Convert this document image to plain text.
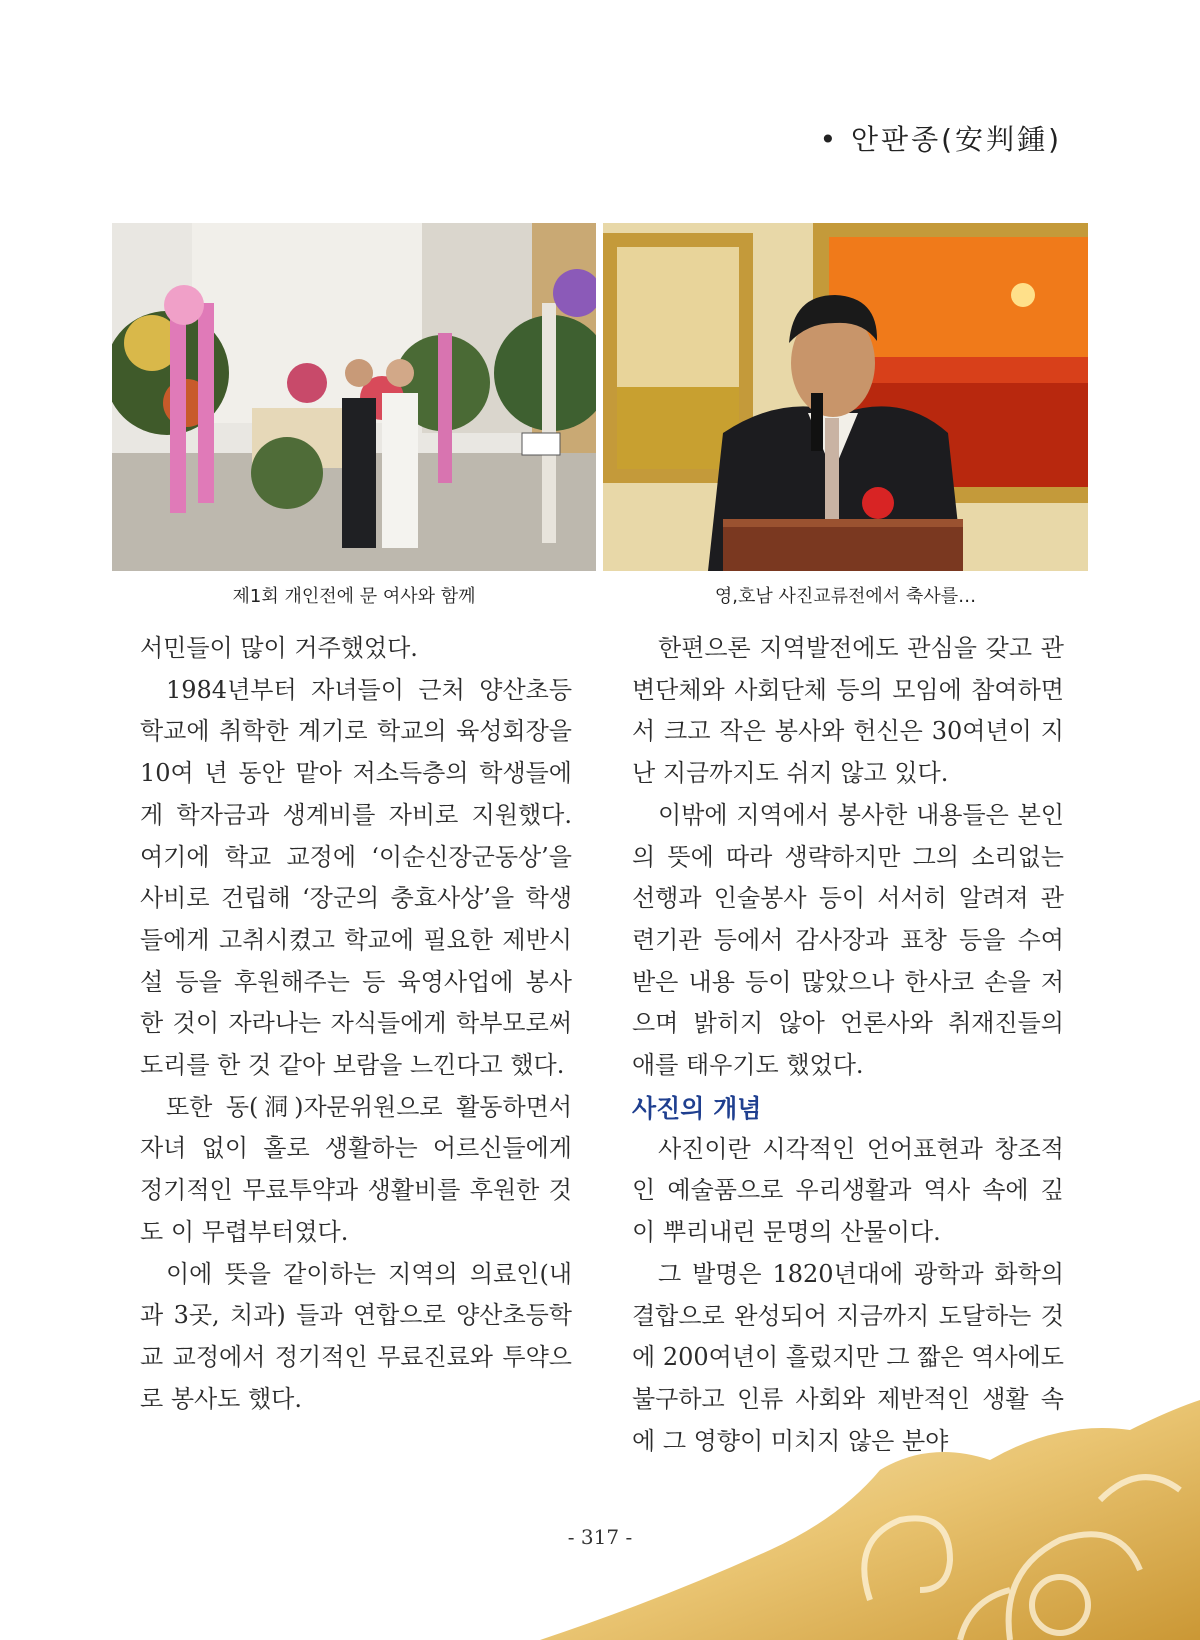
• 안판종(安判鍾)
제1회 개인전에 문 여사와 함께	영,호남 사진교류전에서 축사를…

서민들이 많이 거주했었다.

1984년부터 자녀들이 근처 양산초등학교에 취학한 계기로 학교의 육성회장을 10여 년 동안 맡아 저소득층의 학생들에게 학자금과 생계비를 자비로 지원했다. 여기에 학교 교정에 ‘이순신장군동상’을 사비로 건립해 ‘장군의 충효사상’을 학생들에게 고취시켰고 학교에 필요한 제반시설 등을 후원해주는 등 육영사업에 봉사한 것이 자라나는 자식들에게 학부모로써 도리를 한 것 같아 보람을 느낀다고 했다.

또한 동(洞)자문위원으로 활동하면서 자녀 없이 홀로 생활하는 어르신들에게 정기적인 무료투약과 생활비를 후원한 것도 이 무렵부터였다.

이에 뜻을 같이하는 지역의 의료인(내과 3곳, 치과) 들과 연합으로 양산초등학교 교정에서 정기적인 무료진료와 투약으로 봉사도 했다.

한편으론 지역발전에도 관심을 갖고 관변단체와 사회단체 등의 모임에 참여하면서 크고 작은 봉사와 헌신은 30여년이 지난 지금까지도 쉬지 않고 있다.

이밖에 지역에서 봉사한 내용들은 본인의 뜻에 따라 생략하지만 그의 소리없는 선행과 인술봉사 등이 서서히 알려져 관련기관 등에서 감사장과 표창 등을 수여받은 내용 등이 많았으나 한사코 손을 저으며 밝히지 않아 언론사와 취재진들의 애를 태우기도 했었다.

사진의 개념

사진이란 시각적인 언어표현과 창조적인 예술품으로 우리생활과 역사 속에 깊이 뿌리내린 문명의 산물이다.

그 발명은 1820년대에 광학과 화학의 결합으로 완성되어 지금까지 도달하는 것에 200여년이 흘렀지만 그 짧은 역사에도 불구하고 인류 사회와 제반적인 생활 속에 그 영향이 미치지 않은 분야

- 317 -
